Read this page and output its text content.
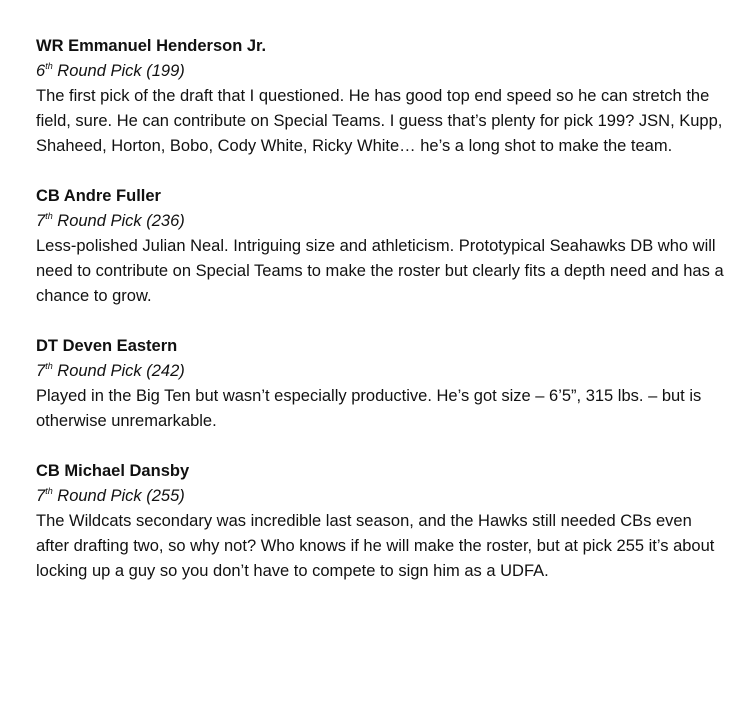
WR Emmanuel Henderson Jr.

6th Round Pick (199)

The first pick of the draft that I questioned. He has good top end speed so he can stretch the field, sure. He can contribute on Special Teams. I guess that’s plenty for pick 199? JSN, Kupp, Shaheed, Horton, Bobo, Cody White, Ricky White… he’s a long shot to make the team.

CB Andre Fuller

7th Round Pick (236)

Less-polished Julian Neal. Intriguing size and athleticism. Prototypical Seahawks DB who will need to contribute on Special Teams to make the roster but clearly fits a depth need and has a chance to grow.

DT Deven Eastern

7th Round Pick (242)

Played in the Big Ten but wasn’t especially productive. He’s got size – 6’5”, 315 lbs. – but is otherwise unremarkable.

CB Michael Dansby

7th Round Pick (255)

The Wildcats secondary was incredible last season, and the Hawks still needed CBs even after drafting two, so why not? Who knows if he will make the roster, but at pick 255 it’s about locking up a guy so you don’t have to compete to sign him as a UDFA.
